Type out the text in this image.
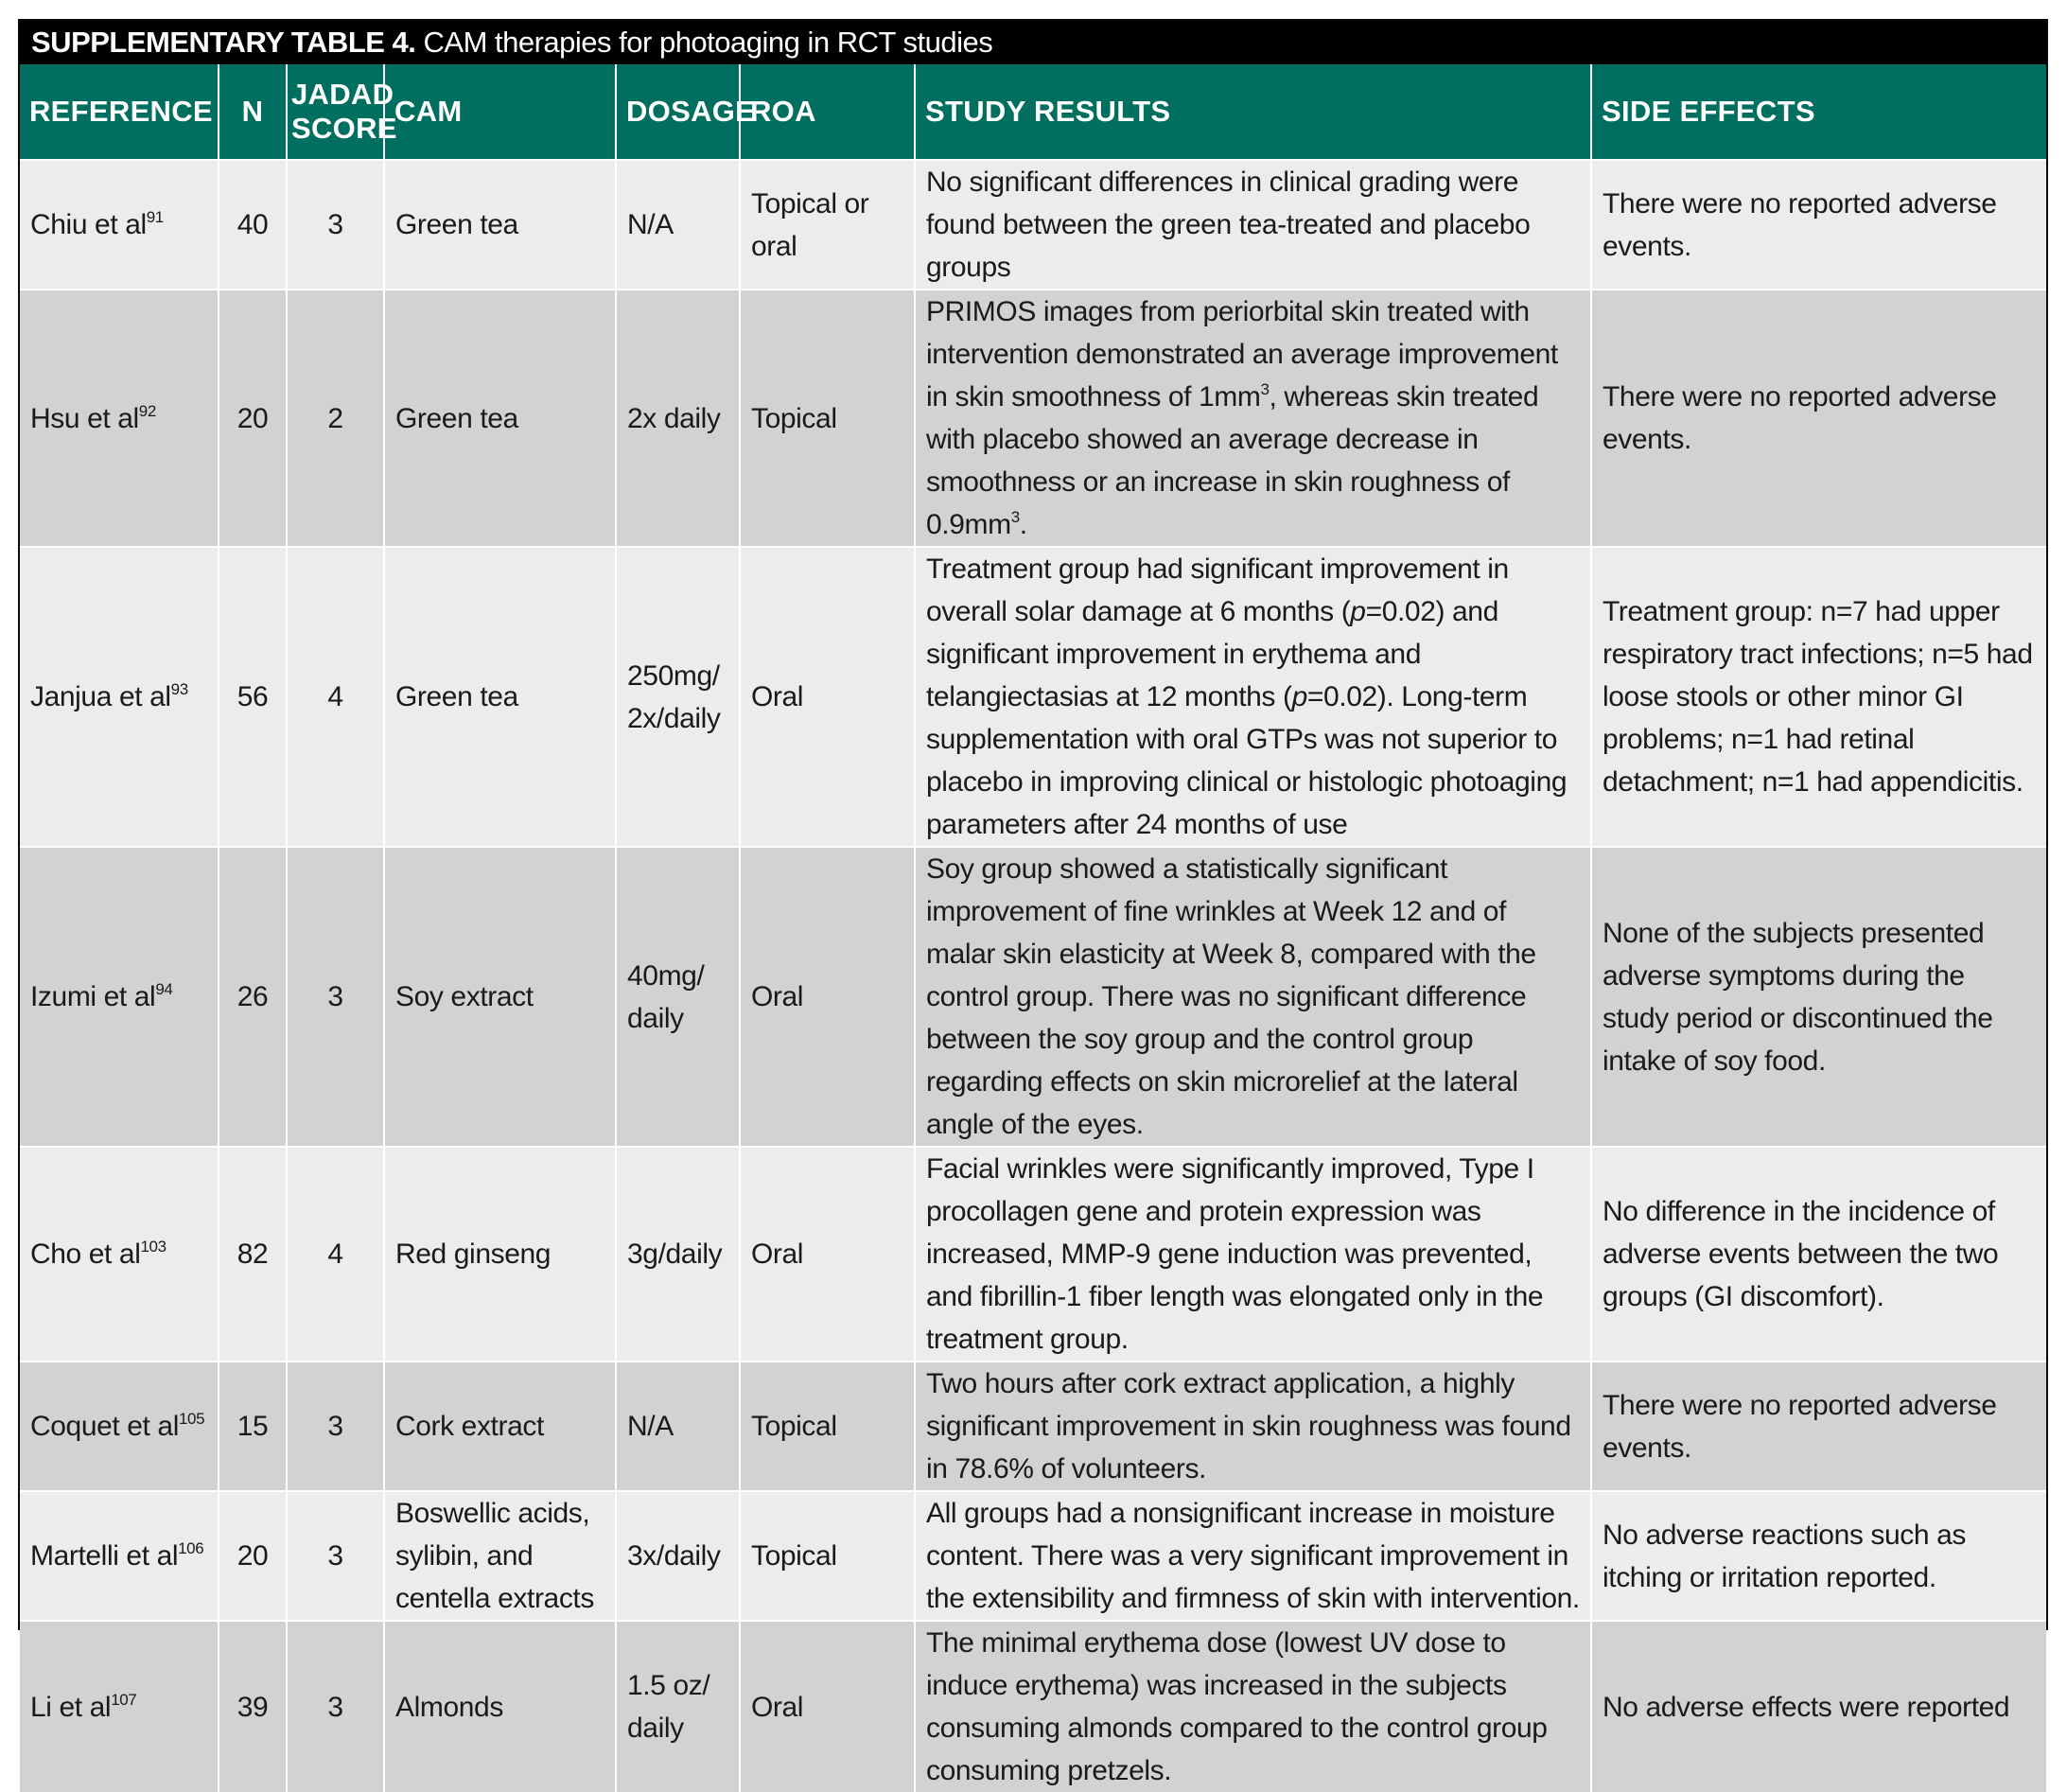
SUPPLEMENTARY TABLE 4. CAM therapies for photoaging in RCT studies
REFERENCE	N	JADAD SCORE	CAM	DOSAGE	ROA	STUDY RESULTS	SIDE EFFECTS
Chiu et $al^{91}$	40	3	Green tea	N/A	Topical or oral	No significant differences in clinical grading were found between the green tea-treated and placebo groups	There were no reported adverse events.
Hsu et $al^{92}$	20	2	Green tea	2x daily	Topical	PRIMOS images from periorbital skin treated with intervention demonstrated an average improvement in skin smoothness of $1mm^3$, whereas skin treated with placebo showed an average decrease in smoothness or an increase in skin roughness of $0.9mm^3$.	There were no reported adverse events.
Janjua et $al^{93}$	56	4	Green tea	250mg/ 2x/daily	Oral	Treatment group had significant improvement in overall solar damage at 6 months (p=0.02) and significant improvement in erythema and telangiectasias at 12 months (p=0.02). Long-term supplementation with oral GTPs was not superior to placebo in improving clinical or histologic photoaging parameters after 24 months of use	Treatment group: n=7 had upper respiratory tract infections; n=5 had loose stools or other minor GI problems; n=1 had retinal detachment; n=1 had appendicitis.
Izumi et $al^{94}$	26	3	Soy extract	40mg/ daily	Oral	Soy group showed a statistically significant improvement of fine wrinkles at Week 12 and of malar skin elasticity at Week 8, compared with the control group. There was no significant difference between the soy group and the control group regarding effects on skin microrelief at the lateral angle of the eyes.	None of the subjects presented adverse symptoms during the study period or discontinued the intake of soy food.
Cho et $al^{103}$	82	4	Red ginseng	3g/daily	Oral	Facial wrinkles were significantly improved, Type I procollagen gene and protein expression was increased, MMP-9 gene induction was prevented, and fibrillin-1 fiber length was elongated only in the treatment group.	No difference in the incidence of adverse events between the two groups (GI discomfort).
Coquet et $al^{105}$	15	3	Cork extract	N/A	Topical	Two hours after cork extract application, a highly significant improvement in skin roughness was found in 78.6% of volunteers.	There were no reported adverse events.
Martelli et $al^{106}$	20	3	Boswellic acids, sylibin, and centella extracts	3x/daily	Topical	All groups had a nonsignificant increase in moisture content. There was a very significant improvement in the extensibility and firmness of skin with intervention.	No adverse reactions such as itching or irritation reported.
Li et $al^{107}$	39	3	Almonds	1.5 oz/ daily	Oral	The minimal erythema dose (lowest UV dose to induce erythema) was increased in the subjects consuming almonds compared to the control group consuming pretzels.	No adverse effects were reported
